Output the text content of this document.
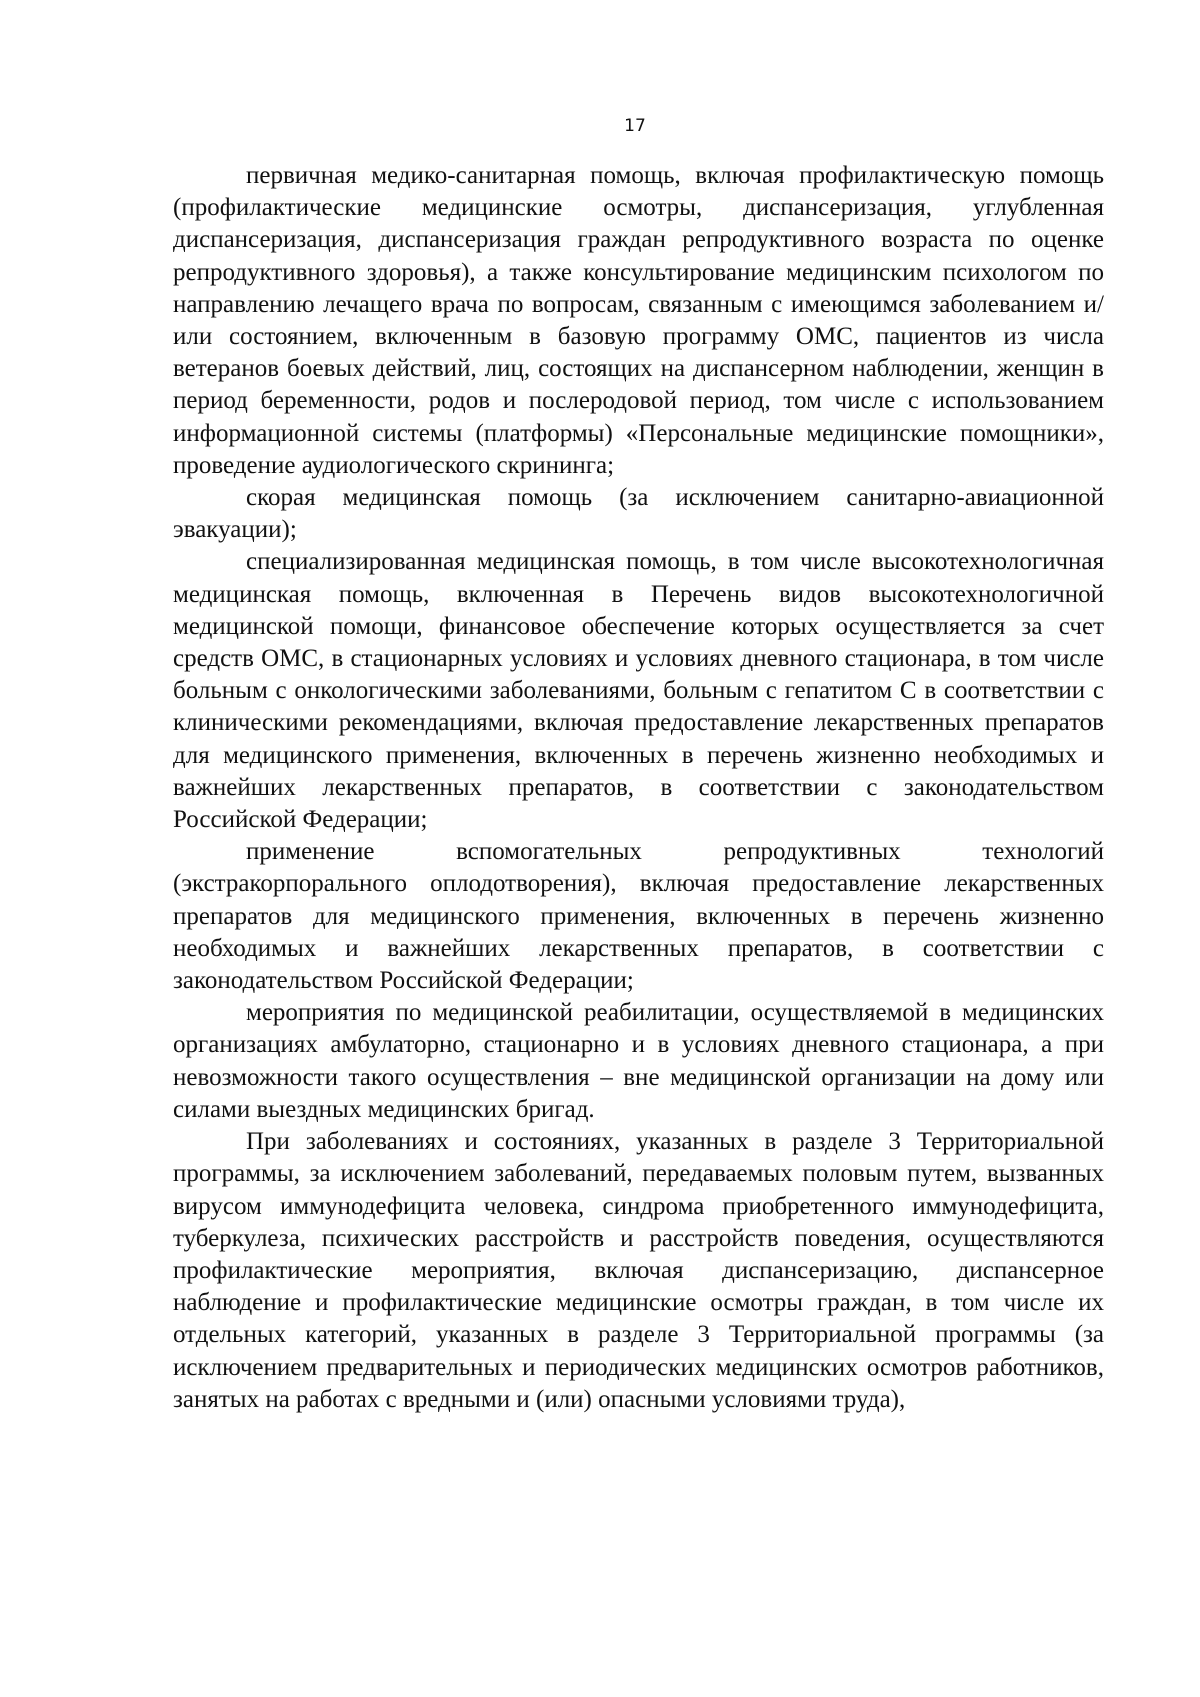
17

первичная медико-санитарная помощь, включая профилактическую помощь (профилактические медицинские осмотры, диспансеризация, углубленная диспансеризация, диспансеризация граждан репродуктивного возраста по оценке репродуктивного здоровья), а также консультирование медицинским психологом по направлению лечащего врача по вопросам, связанным с имеющимся заболеванием и/или состоянием, включенным в базовую программу ОМС, пациентов из числа ветеранов боевых действий, лиц, состоящих на диспансерном наблюдении, женщин в период беременности, родов и послеродовой период, том числе с использованием информационной системы (платформы) «Персональные медицинские помощники», проведение аудиологического скрининга;

скорая медицинская помощь (за исключением санитарно-авиационной эвакуации);

специализированная медицинская помощь, в том числе высокотехнологичная медицинская помощь, включенная в Перечень видов высокотехнологичной медицинской помощи, финансовое обеспечение которых осуществляется за счет средств ОМС, в стационарных условиях и условиях дневного стационара, в том числе больным с онкологическими заболеваниями, больным с гепатитом С в соответствии с клиническими рекомендациями, включая предоставление лекарственных препаратов для медицинского применения, включенных в перечень жизненно необходимых и важнейших лекарственных препаратов, в соответствии с законодательством Российской Федерации;

применение вспомогательных репродуктивных технологий (экстракорпорального оплодотворения), включая предоставление лекарственных препаратов для медицинского применения, включенных в перечень жизненно необходимых и важнейших лекарственных препаратов, в соответствии с законодательством Российской Федерации;

мероприятия по медицинской реабилитации, осуществляемой в медицинских организациях амбулаторно, стационарно и в условиях дневного стационара, а при невозможности такого осуществления – вне медицинской организации на дому или силами выездных медицинских бригад.

При заболеваниях и состояниях, указанных в разделе 3 Территориальной программы, за исключением заболеваний, передаваемых половым путем, вызванных вирусом иммунодефицита человека, синдрома приобретенного иммунодефицита, туберкулеза, психических расстройств и расстройств поведения, осуществляются профилактические мероприятия, включая диспансеризацию, диспансерное наблюдение и профилактические медицинские осмотры граждан, в том числе их отдельных категорий, указанных в разделе 3 Территориальной программы (за исключением предварительных и периодических медицинских осмотров работников, занятых на работах с вредными и (или) опасными условиями труда),
